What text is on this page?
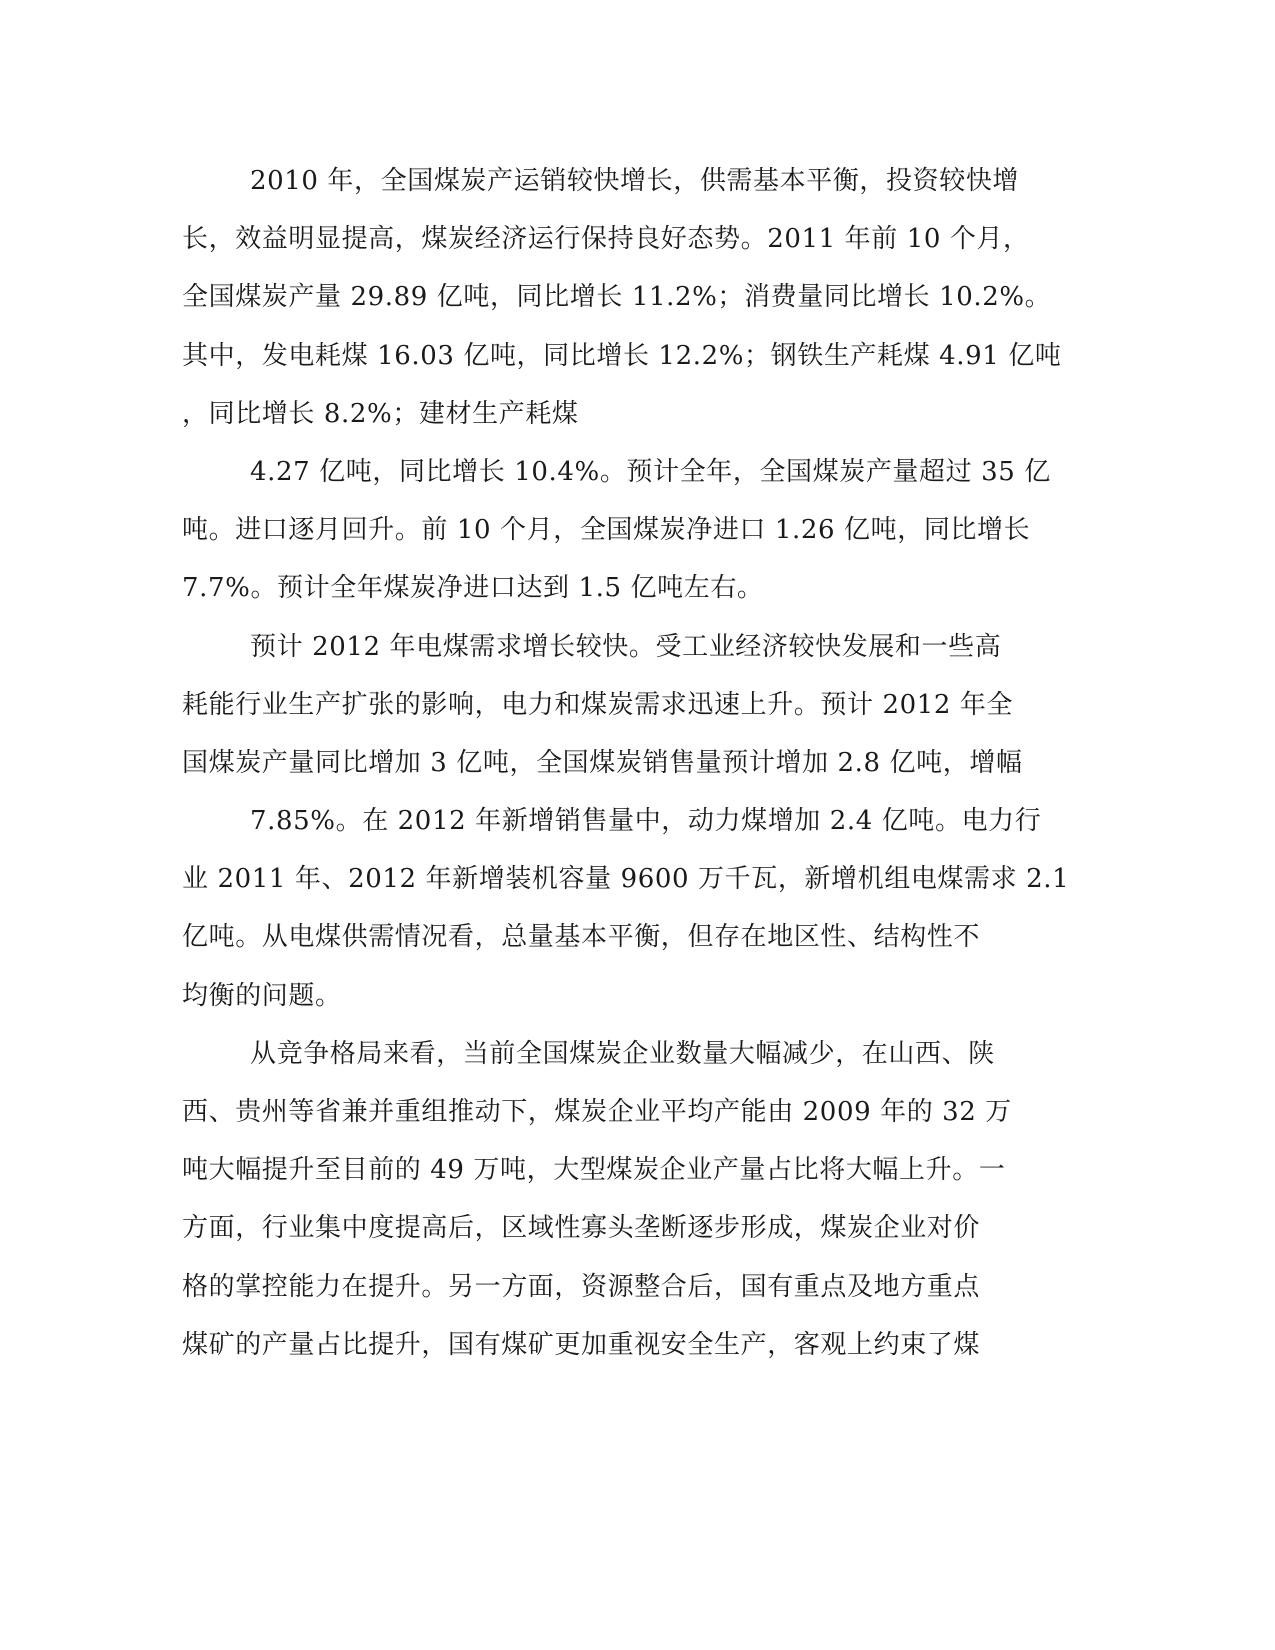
2010 年，全国煤炭产运销较快增长，供需基本平衡，投资较快增
长，效益明显提高，煤炭经济运行保持良好态势。2011 年前 10 个月，
全国煤炭产量 29.89 亿吨，同比增长 11.2%；消费量同比增长 10.2%。
其中，发电耗煤 16.03 亿吨，同比增长 12.2%；钢铁生产耗煤 4.91 亿吨
，同比增长 8.2%；建材生产耗煤
4.27 亿吨，同比增长 10.4%。预计全年，全国煤炭产量超过 35 亿
吨。进口逐月回升。前 10 个月，全国煤炭净进口 1.26 亿吨，同比增长
7.7%。预计全年煤炭净进口达到 1.5 亿吨左右。
预计 2012 年电煤需求增长较快。受工业经济较快发展和一些高
耗能行业生产扩张的影响，电力和煤炭需求迅速上升。预计 2012 年全
国煤炭产量同比增加 3 亿吨，全国煤炭销售量预计增加 2.8 亿吨，增幅
7.85%。在 2012 年新增销售量中，动力煤增加 2.4 亿吨。电力行
业 2011 年、2012 年新增装机容量 9600 万千瓦，新增机组电煤需求 2.1
亿吨。从电煤供需情况看，总量基本平衡，但存在地区性、结构性不
均衡的问题。
从竞争格局来看，当前全国煤炭企业数量大幅减少，在山西、陕
西、贵州等省兼并重组推动下，煤炭企业平均产能由 2009 年的 32 万
吨大幅提升至目前的 49 万吨，大型煤炭企业产量占比将大幅上升。一
方面，行业集中度提高后，区域性寡头垄断逐步形成，煤炭企业对价
格的掌控能力在提升。另一方面，资源整合后，国有重点及地方重点
煤矿的产量占比提升，国有煤矿更加重视安全生产，客观上约束了煤
